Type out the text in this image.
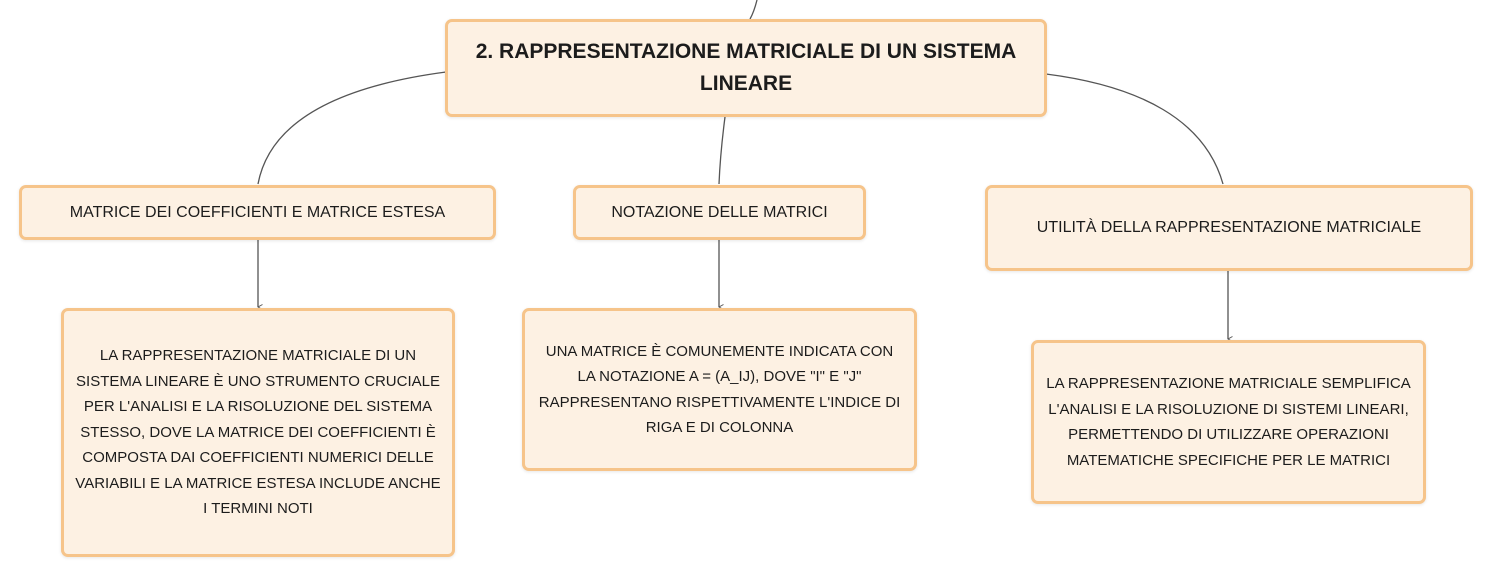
2. RAPPRESENTAZIONE MATRICIALE DI UN SISTEMA LINEARE
MATRICE DEI COEFFICIENTI E MATRICE ESTESA	NOTAZIONE DELLE MATRICI
UTILITÀ DELLA RAPPRESENTAZIONE MATRICIALE
LA RAPPRESENTAZIONE MATRICIALE DI UN SISTEMA LINEARE È UNO STRUMENTO CRUCIALE PER L'ANALISI E LA RISOLUZIONE DEL SISTEMA STESSO, DOVE LA MATRICE DEI COEFFICIENTI È COMPOSTA DAI COEFFICIENTI NUMERICI DELLE VARIABILI E LA MATRICE ESTESA INCLUDE ANCHE I TERMINI NOTI
UNA MATRICE È COMUNEMENTE INDICATA CON LA NOTAZIONE A = (A_IJ), DOVE "I" E "J" RAPPRESENTANO RISPETTIVAMENTE L'INDICE DI RIGA E DI COLONNA
LA RAPPRESENTAZIONE MATRICIALE SEMPLIFICA L'ANALISI E LA RISOLUZIONE DI SISTEMI LINEARI, PERMETTENDO DI UTILIZZARE OPERAZIONI MATEMATICHE SPECIFICHE PER LE MATRICI
